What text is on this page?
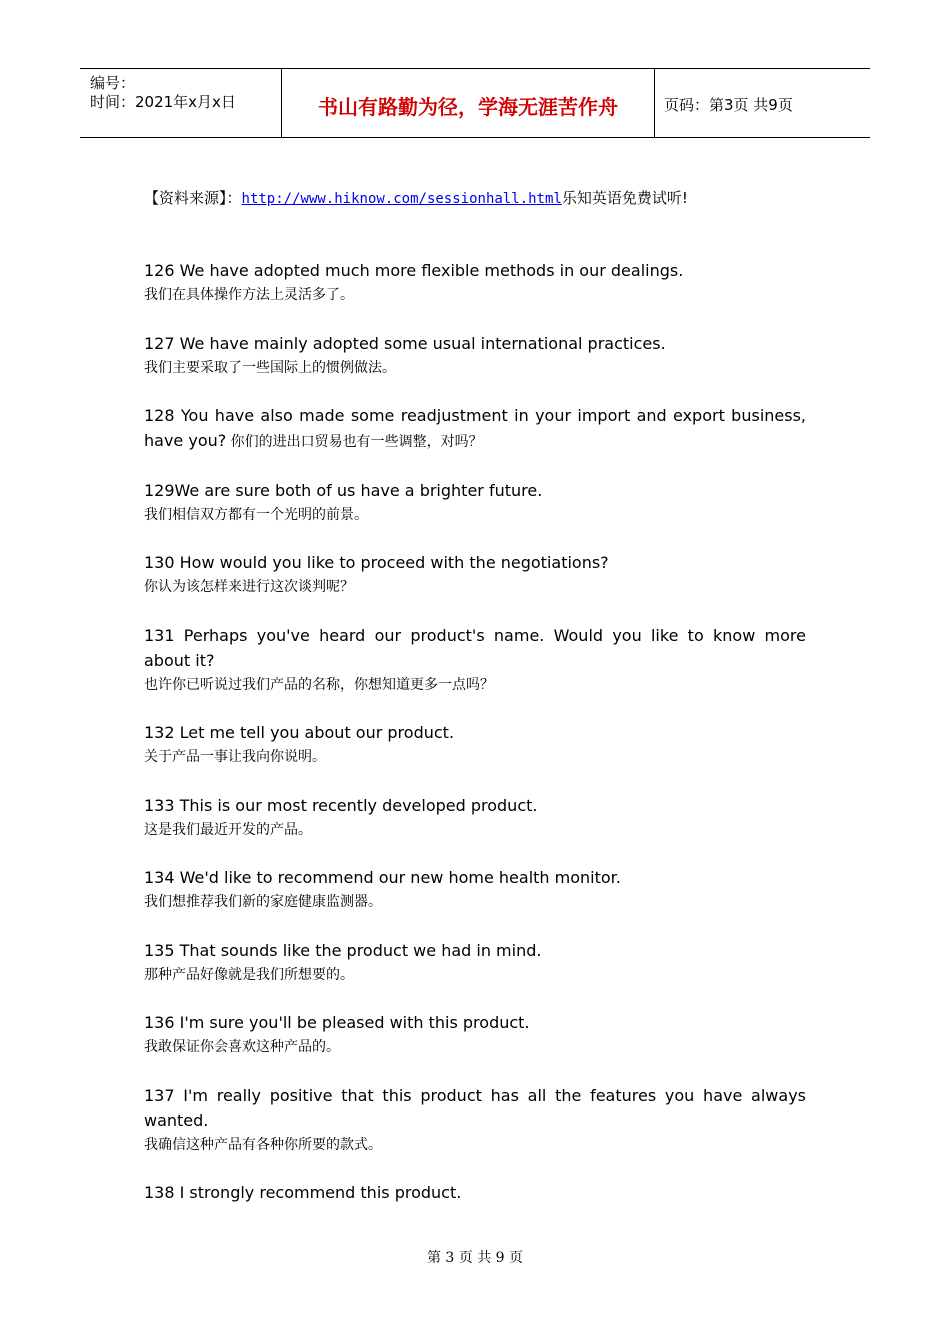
编号：
时间：2021年x月x日	书山有路勤为径，学海无涯苦作舟	页码：第3页 共9页
【资料来源】：http://www.hiknow.com/sessionhall.html乐知英语免费试听!
126 We have adopted much more flexible methods in our dealings.
我们在具体操作方法上灵活多了。
127 We have mainly adopted some usual international practices.
我们主要采取了一些国际上的惯例做法。
128 You have also made some readjustment in your import and export business, have you? 你们的进出口贸易也有一些调整，对吗？
129We are sure both of us have a brighter future.
我们相信双方都有一个光明的前景。
130 How would you like to proceed with the negotiations?
你认为该怎样来进行这次谈判呢？
131 Perhaps you've heard our product's name. Would you like to know more about it?
也许你已听说过我们产品的名称，你想知道更多一点吗？
132 Let me tell you about our product.
关于产品一事让我向你说明。
133 This is our most recently developed product.
这是我们最近开发的产品。
134 We'd like to recommend our new home health monitor.
我们想推荐我们新的家庭健康监测器。
135 That sounds like the product we had in mind.
那种产品好像就是我们所想要的。
136 I'm sure you'll be pleased with this product.
我敢保证你会喜欢这种产品的。
137 I'm really positive that this product has all the features you have always wanted.
我确信这种产品有各种你所要的款式。
138 I strongly recommend this product.
第 3 页 共 9 页
